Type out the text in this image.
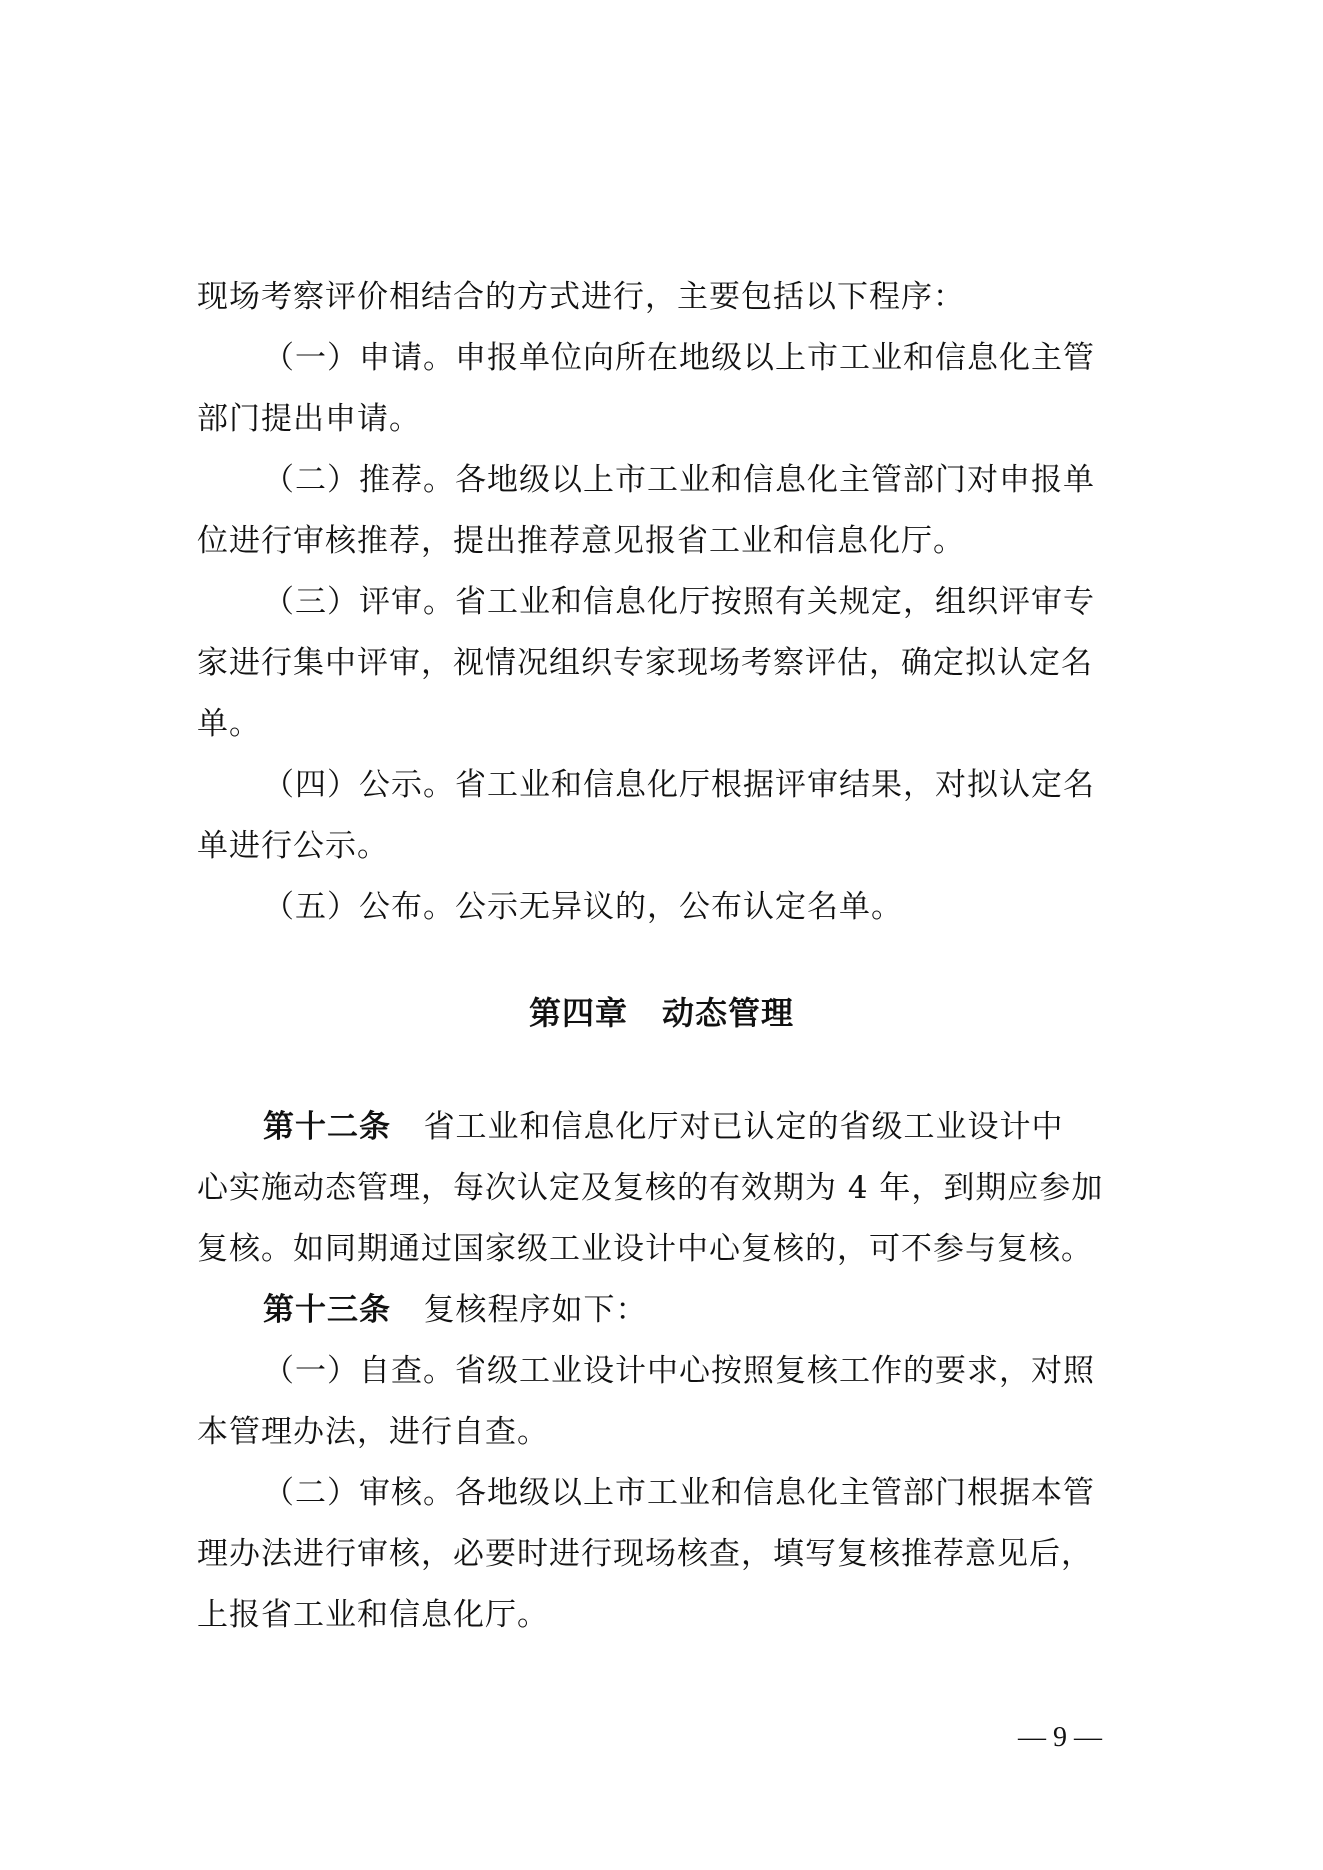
现场考察评价相结合的方式进行，主要包括以下程序：
（一）申请。申报单位向所在地级以上市工业和信息化主管
部门提出申请。
（二）推荐。各地级以上市工业和信息化主管部门对申报单
位进行审核推荐，提出推荐意见报省工业和信息化厅。
（三）评审。省工业和信息化厅按照有关规定，组织评审专
家进行集中评审，视情况组织专家现场考察评估，确定拟认定名
单。
（四）公示。省工业和信息化厅根据评审结果，对拟认定名
单进行公示。
（五）公布。公示无异议的，公布认定名单。
第四章 动态管理
第十二条 省工业和信息化厅对已认定的省级工业设计中
心实施动态管理，每次认定及复核的有效期为 4 年，到期应参加
复核。如同期通过国家级工业设计中心复核的，可不参与复核。
第十三条 复核程序如下：
（一）自查。省级工业设计中心按照复核工作的要求，对照
本管理办法，进行自查。
（二）审核。各地级以上市工业和信息化主管部门根据本管
理办法进行审核，必要时进行现场核查，填写复核推荐意见后，
上报省工业和信息化厅。
— 9 —
